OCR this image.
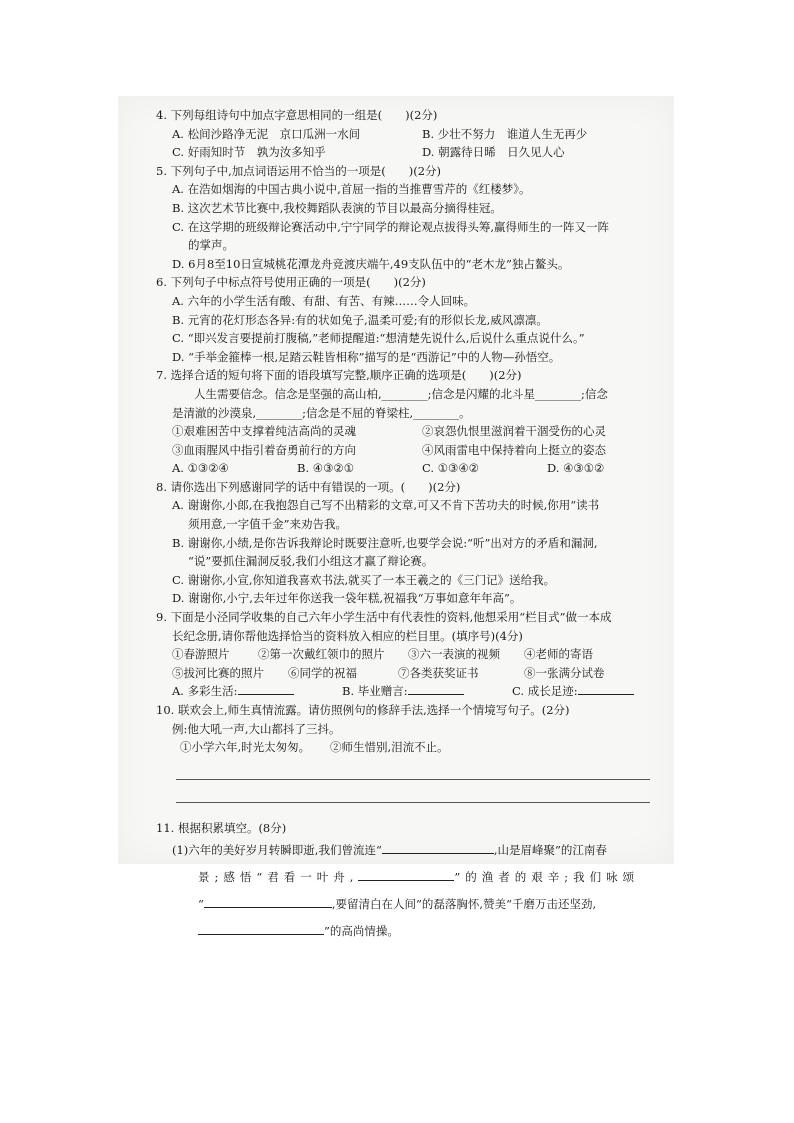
4. 下列每组诗句中加点字意思相同的一组是(　　)(2分)

A. 松间沙路净无泥　京口瓜洲一水间	B. 少壮不努力　谁道人生无再少
C. 好雨知时节　孰为汝多知乎	D. 朝露待日晞　日久见人心

5. 下列句子中,加点词语运用不恰当的一项是(　　)(2分)

A. 在浩如烟海的中国古典小说中,首屈一指的当推曹雪芹的《红楼梦》。
B. 这次艺术节比赛中,我校舞蹈队表演的节目以最高分摘得桂冠。
C. 在这学期的班级辩论赛活动中,宁宁同学的辩论观点拔得头筹,赢得师生的一阵又一阵
的掌声。
D. 6月8至10日宣城桃花潭龙舟竞渡庆端午,49支队伍中的“老木龙”独占鳌头。

6. 下列句子中标点符号使用正确的一项是(　　)(2分)

A. 六年的小学生活有酸、有甜、有苦、有辣……令人回味。
B. 元宵的花灯形态各异:有的状如兔子,温柔可爱;有的形似长龙,威风凛凛。
C. “即兴发言要提前打腹稿,”老师提醒道:“想清楚先说什么,后说什么重点说什么。”
D. “手举金箍棒一根,足踏云鞋皆相称”描写的是“西游记”中的人物—孙悟空。

7. 选择合适的短句将下面的语段填写完整,顺序正确的选项是(　　)(2分)

人生需要信念。信念是坚强的高山柏,________;信念是闪耀的北斗星________;信念
是清澈的沙漠泉,________;信念是不屈的脊梁柱,________。
①艰难困苦中支撑着纯洁高尚的灵魂	②哀怨仇恨里滋润着干涸受伤的心灵
③血雨腥风中指引着奋勇前行的方向	④风雨雷电中保持着向上挺立的姿态
A. ①③②④	B. ④③②①	C. ①③④②	D. ④③①②

8. 请你选出下列感谢同学的话中有错误的一项。(　　)(2分)

A. 谢谢你,小郎,在我抱怨自己写不出精彩的文章,可又不肯下苦功夫的时候,你用“读书
须用意,一字值千金”来劝告我。
B. 谢谢你,小绩,是你告诉我辩论时既要注意听,也要学会说:“听”出对方的矛盾和漏洞,
“说”要抓住漏洞反驳,我们小组这才赢了辩论赛。
C. 谢谢你,小宣,你知道我喜欢书法,就买了一本王羲之的《三门记》送给我。
D. 谢谢你,小宁,去年过年你送我一袋年糕,祝福我“万事如意年年高”。

9. 下面是小泾同学收集的自己六年小学生活中有代表性的资料,他想采用“栏目式”做一本成

长纪念册,请你帮他选择恰当的资料放入相应的栏目里。(填序号)(4分)
①春游照片	②第一次戴红领巾的照片	③六一表演的视频	④老师的寄语
⑤拔河比赛的照片	⑥同学的祝福	⑦各类获奖证书	⑧一张满分试卷
A. 多彩生活:	B. 毕业赠言:	C. 成长足迹:

10. 联欢会上,师生真情流露。请仿照例句的修辞手法,选择一个情境写句子。(2分)

例:他大吼一声,大山都抖了三抖。
①小学六年,时光太匆匆。	②师生惜别,泪流不止。

11. 根据积累填空。(8分)

(1)六年的美好岁月转瞬即逝,我们曾流连“	,山是眉峰聚”的江南春
景;感悟“君看一叶舟,	”的渔者的艰辛;我们咏颂
“	,要留清白在人间”的磊落胸怀,赞美“千磨万击还坚劲,
”的高尚情操。
